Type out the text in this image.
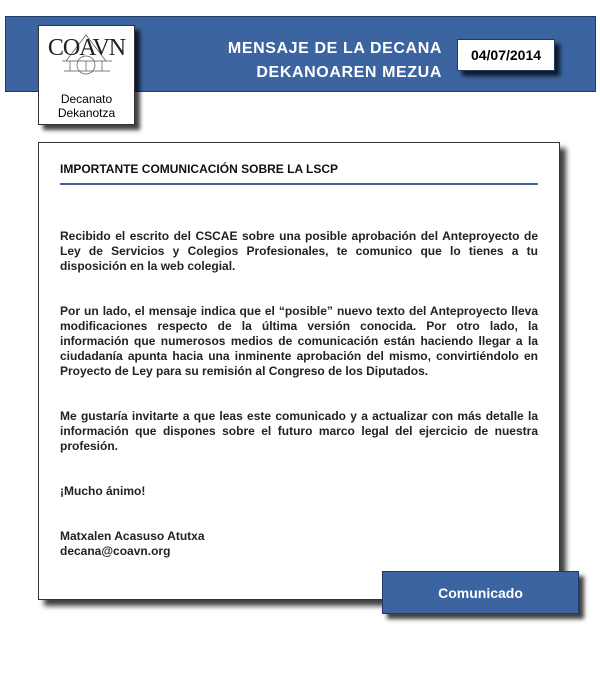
MENSAJE DE LA DECANA
DEKANOAREN MEZUA
04/07/2014
COAVN
Decanato
Dekanotza
IMPORTANTE COMUNICACIÓN SOBRE LA LSCP

Recibido el escrito del CSCAE sobre una posible aprobación del Anteproyecto de Ley de Servicios y Colegios Profesionales, te comunico que lo tienes a tu disposición en la web colegial.

Por un lado, el mensaje indica que el “posible” nuevo texto del Anteproyecto lleva modificaciones respecto de la última versión conocida. Por otro lado, la información que numerosos medios de comunicación están haciendo llegar a la ciudadanía apunta hacia una inminente aprobación del mismo, convirtiéndolo en Proyecto de Ley para su remisión al Congreso de los Diputados.

Me gustaría invitarte a que leas este comunicado y a actualizar con más detalle la información que dispones sobre el futuro marco legal del ejercicio de nuestra profesión.

¡Mucho ánimo!

Matxalen Acasuso Atutxa
decana@coavn.org

Comunicado
